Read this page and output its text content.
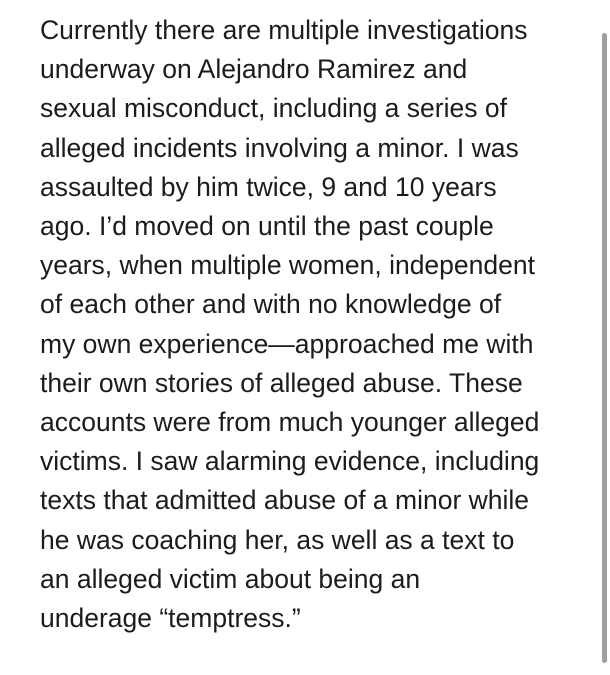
Currently there are multiple investigations
underway on Alejandro Ramirez and
sexual misconduct, including a series of
alleged incidents involving a minor. I was
assaulted by him twice, 9 and 10 years
ago. I’d moved on until the past couple
years, when multiple women, independent
of each other and with no knowledge of
my own experience—approached me with
their own stories of alleged abuse. These
accounts were from much younger alleged
victims. I saw alarming evidence, including
texts that admitted abuse of a minor while
he was coaching her, as well as a text to
an alleged victim about being an
underage “temptress.”
